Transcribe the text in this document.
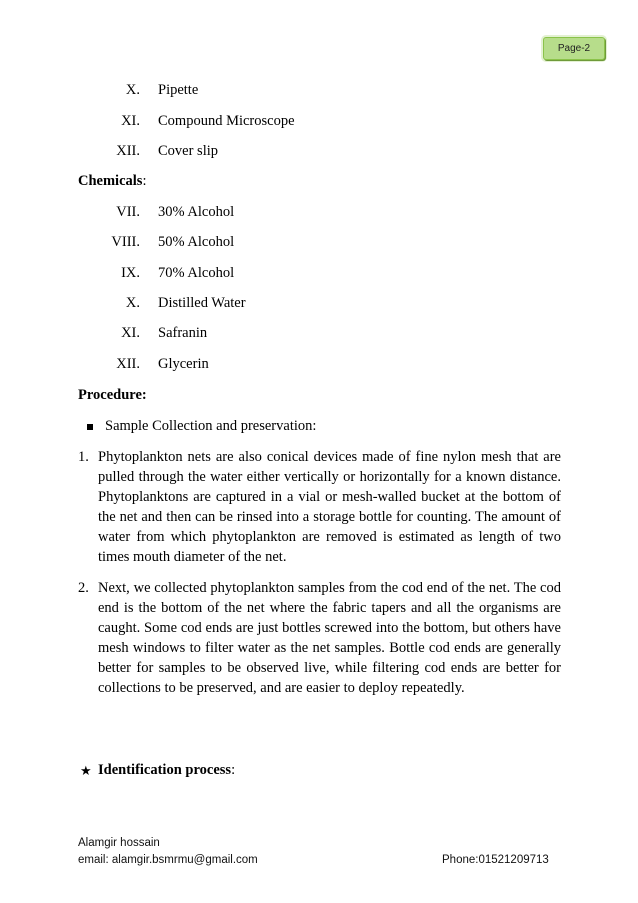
Page-2
X. Pipette
XI. Compound Microscope
XII. Cover slip
Chemicals:
VII. 30% Alcohol
VIII. 50% Alcohol
IX. 70% Alcohol
X. Distilled Water
XI. Safranin
XII. Glycerin
Procedure:
Sample Collection and preservation:
1. Phytoplankton nets are also conical devices made of fine nylon mesh that are pulled through the water either vertically or horizontally for a known distance. Phytoplanktons are captured in a vial or mesh-walled bucket at the bottom of the net and then can be rinsed into a storage bottle for counting. The amount of water from which phytoplankton are removed is estimated as length of two times mouth diameter of the net.
2. Next, we collected phytoplankton samples from the cod end of the net. The cod end is the bottom of the net where the fabric tapers and all the organisms are caught. Some cod ends are just bottles screwed into the bottom, but others have mesh windows to filter water as the net samples. Bottle cod ends are generally better for samples to be observed live, while filtering cod ends are better for collections to be preserved, and are easier to deploy repeatedly.
★ Identification process:
Alamgir hossain
email: alamgir.bsmrmu@gmail.com	Phone:01521209713
